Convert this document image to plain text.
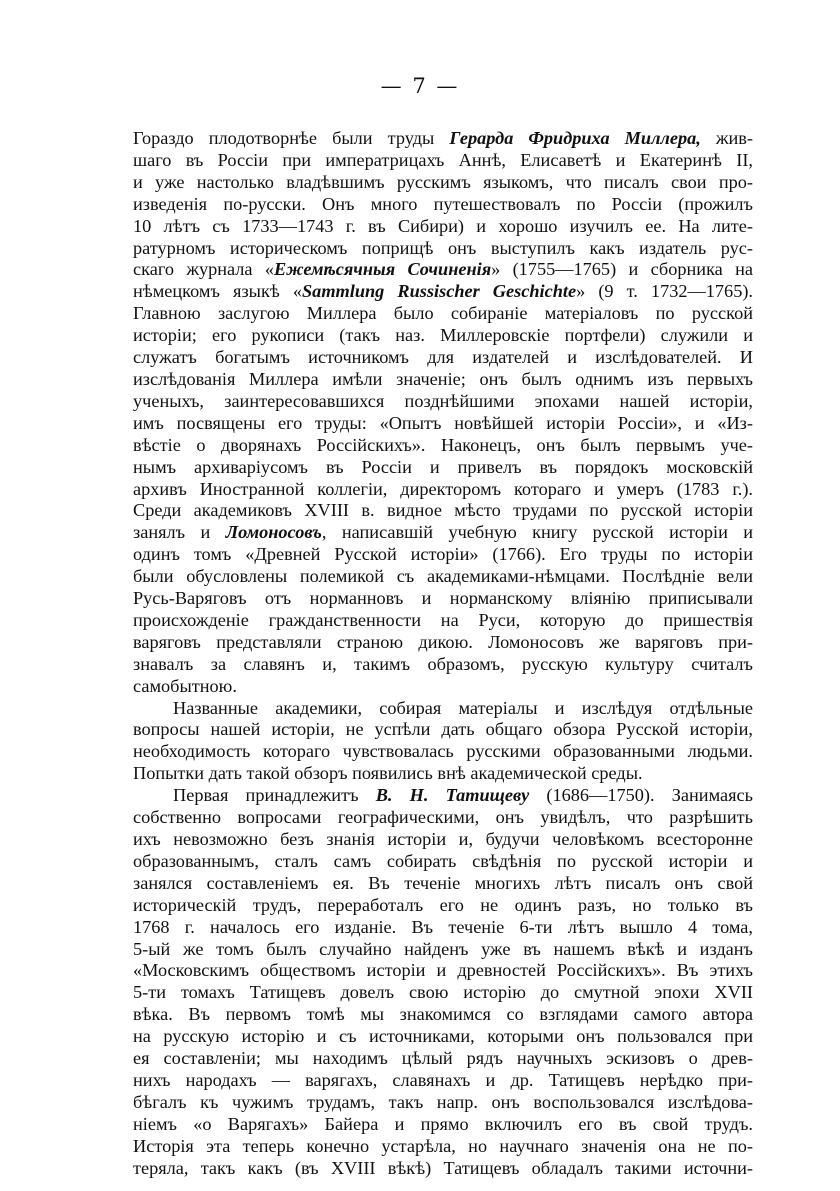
— 7 —
Гораздо плодотворнѣе были труды Герарда Фридриха Миллера, жив-
шаго въ Россіи при императрицахъ Аннѣ, Елисаветѣ и Екатеринѣ II,
и уже настолько владѣвшимъ русскимъ языкомъ, что писалъ свои про-
изведенія по-русски. Онъ много путешествовалъ по Россіи (прожилъ
10 лѣтъ съ 1733—1743 г. въ Сибири) и хорошо изучилъ ее. На лите-
ратурномъ историческомъ поприщѣ онъ выступилъ какъ издатель рус-
скаго журнала «Ежемѣсячныя Сочиненія» (1755—1765) и сборника на
нѣмецкомъ языкѣ «Sammlung Russischer Geschichte» (9 т. 1732—1765).
Главною заслугою Миллера было собираніе матеріаловъ по русской
исторіи; его рукописи (такъ наз. Миллеровскіе портфели) служили и
служатъ богатымъ источникомъ для издателей и изслѣдователей. И
изслѣдованія Миллера имѣли значеніе; онъ былъ однимъ изъ первыхъ
ученыхъ, заинтересовавшихся позднѣйшими эпохами нашей исторіи,
имъ посвящены его труды: «Опытъ новѣйшей исторіи Россіи», и «Из-
вѣстіе о дворянахъ Россійскихъ». Наконецъ, онъ былъ первымъ уче-
нымъ архиваріусомъ въ Россіи и привелъ въ порядокъ московскій
архивъ Иностранной коллегіи, директоромъ котораго и умеръ (1783 г.).
Среди академиковъ XVIII в. видное мѣсто трудами по русской исторіи
занялъ и Ломоносовъ, написавшій учебную книгу русской исторіи и
одинъ томъ «Древней Русской исторіи» (1766). Его труды по исторіи
были обусловлены полемикой съ академиками-нѣмцами. Послѣдніе вели
Русь-Варяговъ отъ норманновъ и норманскому вліянію приписывали
происхожденіе гражданственности на Руси, которую до пришествія
варяговъ представляли страною дикою. Ломоносовъ же варяговъ при-
знавалъ за славянъ и, такимъ образомъ, русскую культуру считалъ
самобытною.
Названные академики, собирая матеріалы и изслѣдуя отдѣльные
вопросы нашей исторіи, не успѣли дать общаго обзора Русской исторіи,
необходимость котораго чувствовалась русскими образованными людьми.
Попытки дать такой обзоръ появились внѣ академической среды.
Первая принадлежитъ В. Н. Татищеву (1686—1750). Занимаясь
собственно вопросами географическими, онъ увидѣлъ, что разрѣшить
ихъ невозможно безъ знанія исторіи и, будучи человѣкомъ всесторонне
образованнымъ, сталъ самъ собирать свѣдѣнія по русской исторіи и
занялся составленіемъ ея. Въ теченіе многихъ лѣтъ писалъ онъ свой
историческій трудъ, переработалъ его не одинъ разъ, но только въ
1768 г. началось его изданіе. Въ теченіе 6-ти лѣтъ вышло 4 тома,
5-ый же томъ былъ случайно найденъ уже въ нашемъ вѣкѣ и изданъ
«Московскимъ обществомъ исторіи и древностей Россійскихъ». Въ этихъ
5-ти томахъ Татищевъ довелъ свою исторію до смутной эпохи XVII
вѣка. Въ первомъ томѣ мы знакомимся со взглядами самого автора
на русскую исторію и съ источниками, которыми онъ пользовался при
ея составленіи; мы находимъ цѣлый рядъ научныхъ эскизовъ о древ-
нихъ народахъ — варягахъ, славянахъ и др. Татищевъ нерѣдко при-
бѣгалъ къ чужимъ трудамъ, такъ напр. онъ воспользовался изслѣдова-
ніемъ «о Варягахъ» Байера и прямо включилъ его въ свой трудъ.
Исторія эта теперь конечно устарѣла, но научнаго значенія она не по-
теряла, такъ какъ (въ XVIII вѣкѣ) Татищевъ обладалъ такими источни-
